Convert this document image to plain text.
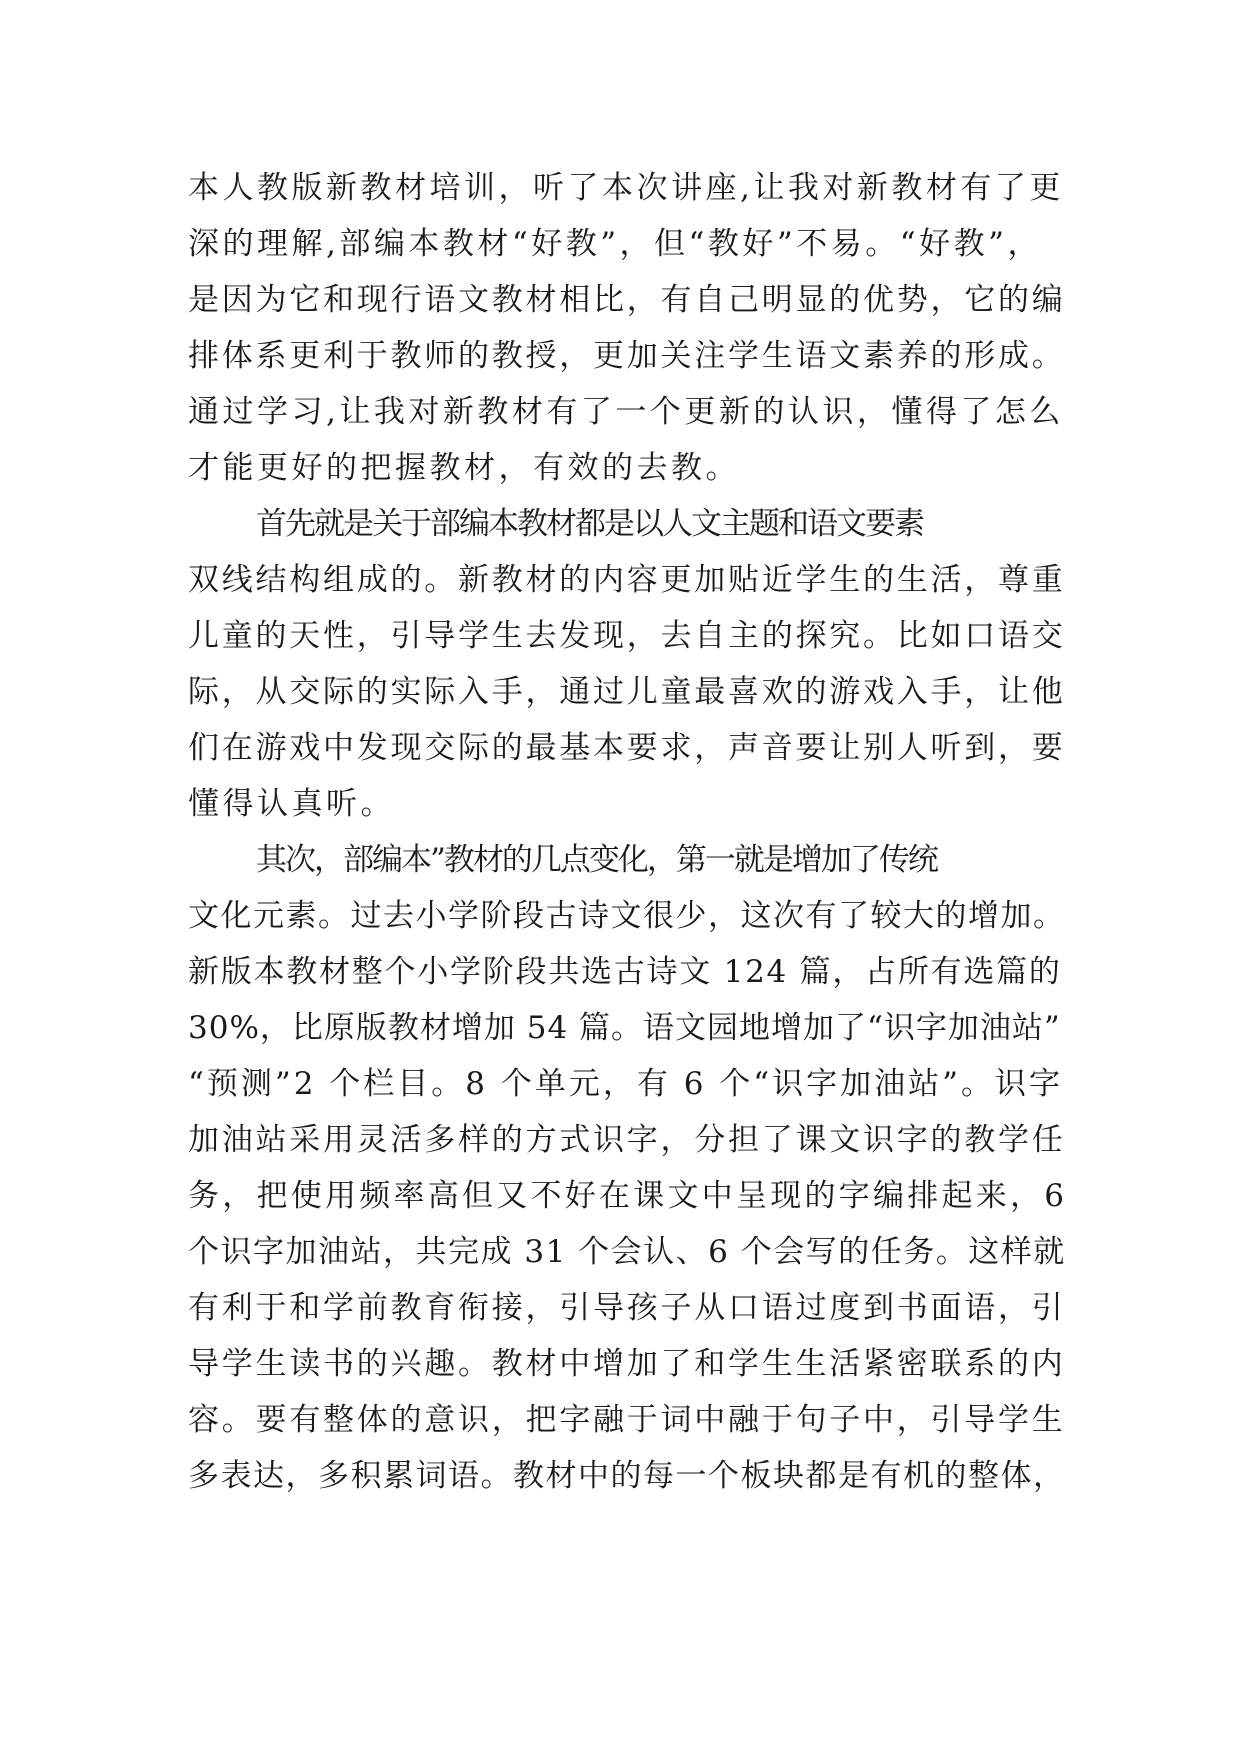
本人教版新教材培训，听了本次讲座,让我对新教材有了更
深的理解,部编本教材“好教”，但“教好”不易。“好教”，
是因为它和现行语文教材相比，有自己明显的优势，它的编
排体系更利于教师的教授，更加关注学生语文素养的形成。
通过学习,让我对新教材有了一个更新的认识，懂得了怎么
才能更好的把握教材，有效的去教。
首先就是关于部编本教材都是以人文主题和语文要素
双线结构组成的。新教材的内容更加贴近学生的生活，尊重
儿童的天性，引导学生去发现，去自主的探究。比如口语交
际，从交际的实际入手，通过儿童最喜欢的游戏入手，让他
们在游戏中发现交际的最基本要求，声音要让别人听到，要
懂得认真听。
其次，部编本”教材的几点变化，第一就是增加了传统
文化元素。过去小学阶段古诗文很少，这次有了较大的增加。
新版本教材整个小学阶段共选古诗文 124 篇，占所有选篇的
30%，比原版教材增加 54 篇。语文园地增加了“识字加油站”
“预测”2 个栏目。8 个单元，有 6 个“识字加油站”。识字
加油站采用灵活多样的方式识字，分担了课文识字的教学任
务，把使用频率高但又不好在课文中呈现的字编排起来，6
个识字加油站，共完成 31 个会认、6 个会写的任务。这样就
有利于和学前教育衔接，引导孩子从口语过度到书面语，引
导学生读书的兴趣。教材中增加了和学生生活紧密联系的内
容。要有整体的意识，把字融于词中融于句子中，引导学生
多表达，多积累词语。教材中的每一个板块都是有机的整体，
